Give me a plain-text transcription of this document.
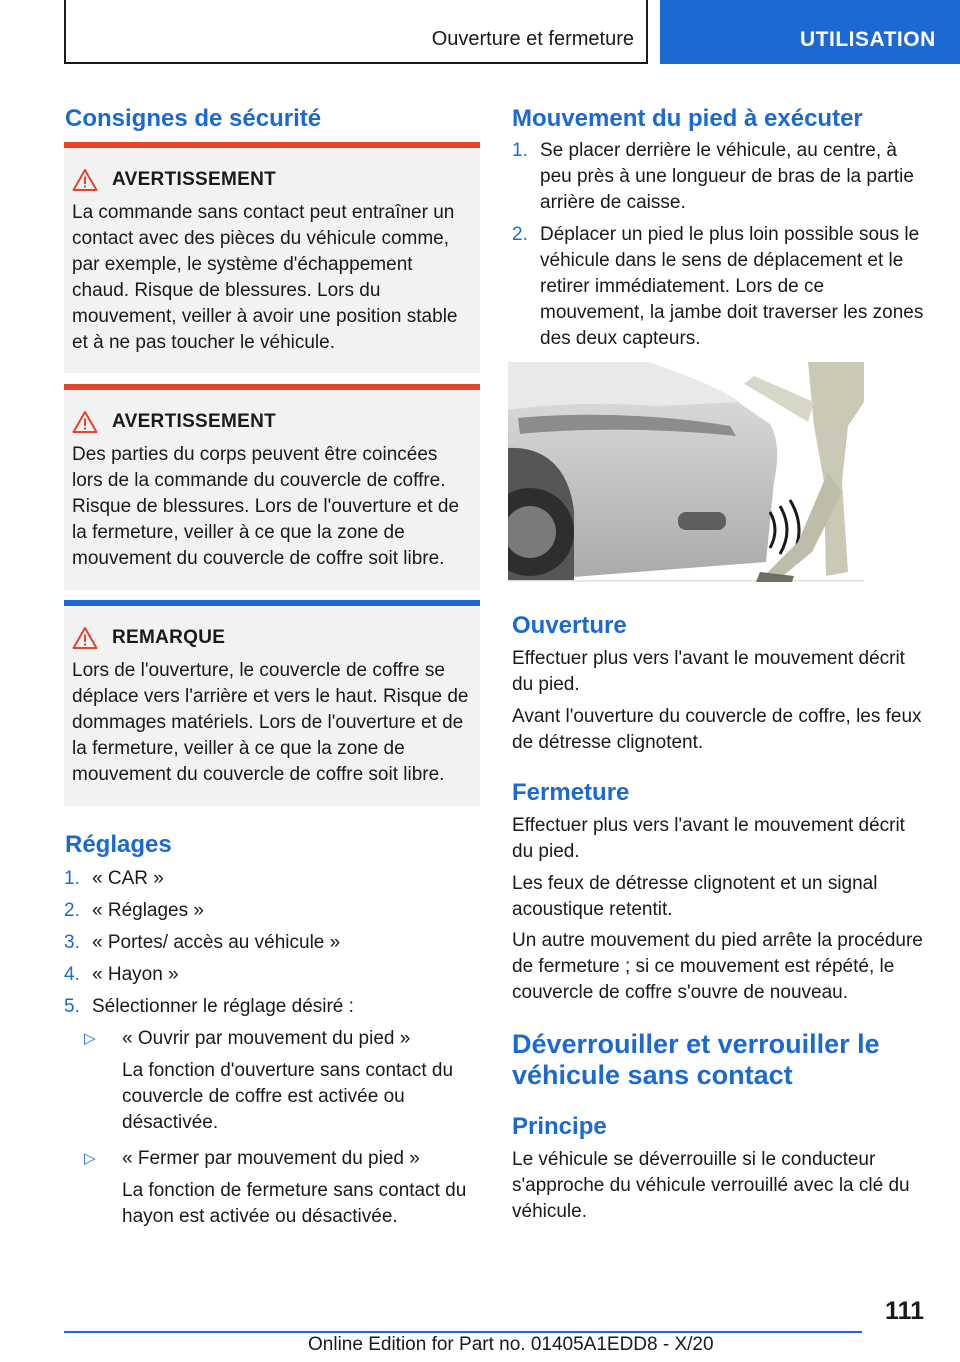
Ouverture et fermeture	UTILISATION
Consignes de sécurité
AVERTISSEMENT

La commande sans contact peut entraîner un contact avec des pièces du véhicule comme, par exemple, le système d'échappement chaud. Risque de blessures. Lors du mouvement, veiller à avoir une position stable et à ne pas toucher le véhicule.

AVERTISSEMENT

Des parties du corps peuvent être coincées lors de la commande du couvercle de coffre. Risque de blessures. Lors de l'ouverture et de la fermeture, veiller à ce que la zone de mouvement du couvercle de coffre soit libre.

REMARQUE

Lors de l'ouverture, le couvercle de coffre se déplace vers l'arrière et vers le haut. Risque de dommages matériels. Lors de l'ouverture et de la fermeture, veiller à ce que la zone de mouvement du couvercle de coffre soit libre.

Réglages
1. « CAR »
2. « Réglages »
3. « Portes/ accès au véhicule »
4. « Hayon »
5. Sélectionner le réglage désiré :
▷ « Ouvrir par mouvement du pied »
La fonction d'ouverture sans contact du couvercle de coffre est activée ou désactivée.
▷ « Fermer par mouvement du pied »
La fonction de fermeture sans contact du hayon est activée ou désactivée.
Mouvement du pied à exécuter
1. Se placer derrière le véhicule, au centre, à peu près à une longueur de bras de la partie arrière de caisse.
2. Déplacer un pied le plus loin possible sous le véhicule dans le sens de déplacement et le retirer immédiatement. Lors de ce mouvement, la jambe doit traverser les zones des deux capteurs.
Ouverture

Effectuer plus vers l'avant le mouvement décrit du pied.

Avant l'ouverture du couvercle de coffre, les feux de détresse clignotent.

Fermeture

Effectuer plus vers l'avant le mouvement décrit du pied.

Les feux de détresse clignotent et un signal acoustique retentit.

Un autre mouvement du pied arrête la procédure de fermeture ; si ce mouvement est répété, le couvercle de coffre s'ouvre de nouveau.

Déverrouiller et verrouiller le véhicule sans contact
Principe

Le véhicule se déverrouille si le conducteur s'approche du véhicule verrouillé avec la clé du véhicule.

111
Online Edition for Part no. 01405A1EDD8 - X/20
